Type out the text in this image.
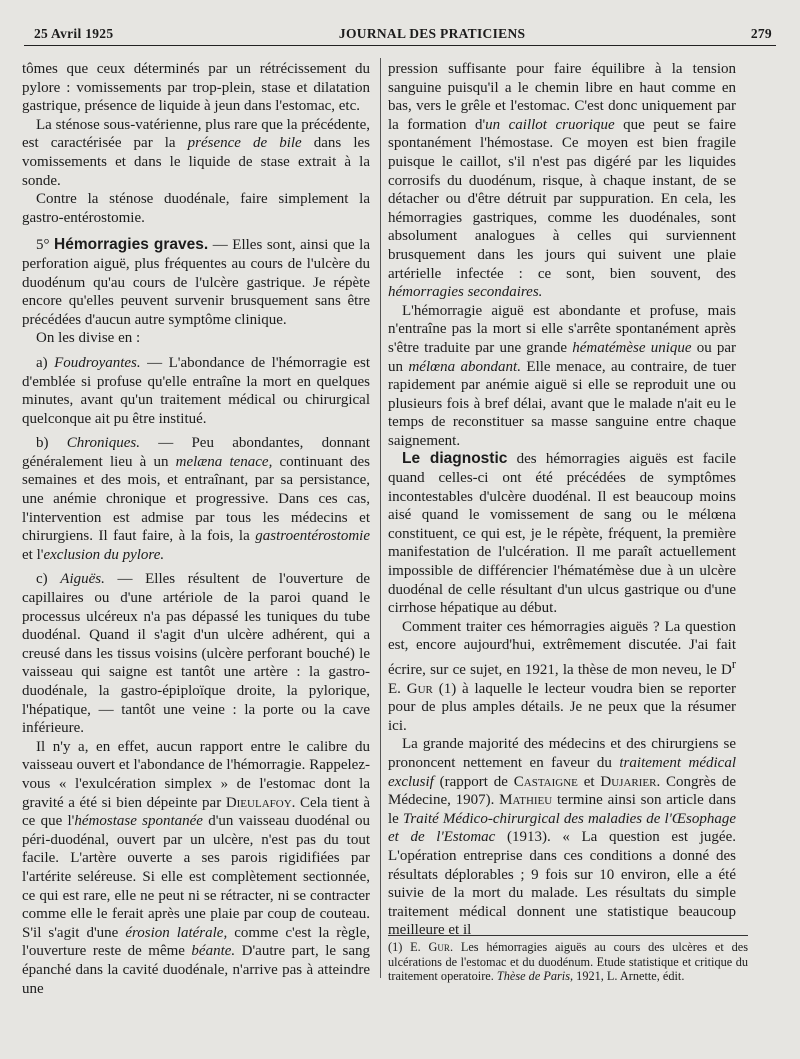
25 Avril 1925	JOURNAL DES PRATICIENS	279

tômes que ceux déterminés par un rétrécissement du pylore : vomissements par trop-plein, stase et dilatation gastrique, présence de liquide à jeun dans l'estomac, etc.

La sténose sous-vatérienne, plus rare que la précédente, est caractérisée par la présence de bile dans les vomissements et dans le liquide de stase extrait à la sonde.

Contre la sténose duodénale, faire simplement la gastro-entérostomie.

5° Hémorragies graves. — Elles sont, ainsi que la perforation aiguë, plus fréquentes au cours de l'ulcère du duodénum qu'au cours de l'ulcère gastrique. Je répète encore qu'elles peuvent survenir brusquement sans être précédées d'aucun autre symptôme clinique.

On les divise en :

a) Foudroyantes. — L'abondance de l'hémorragie est d'emblée si profuse qu'elle entraîne la mort en quelques minutes, avant qu'un traitement médical ou chirurgical quelconque ait pu être institué.

b) Chroniques. — Peu abondantes, donnant généralement lieu à un melæna tenace, continuant des semaines et des mois, et entraînant, par sa persistance, une anémie chronique et progressive. Dans ces cas, l'intervention est admise par tous les médecins et chirurgiens. Il faut faire, à la fois, la gastroentérostomie et l'exclusion du pylore.

c) Aiguës. — Elles résultent de l'ouverture de capillaires ou d'une artériole de la paroi quand le processus ulcéreux n'a pas dépassé les tuniques du tube duodénal. Quand il s'agit d'un ulcère adhérent, qui a creusé dans les tissus voisins (ulcère perforant bouché) le vaisseau qui saigne est tantôt une artère : la gastro-duodénale, la gastro-épiploïque droite, la pylorique, l'hépatique, — tantôt une veine : la porte ou la cave inférieure.

Il n'y a, en effet, aucun rapport entre le calibre du vaisseau ouvert et l'abondance de l'hémorragie. Rappelez-vous « l'exulcération simplex » de l'estomac dont la gravité a été si bien dépeinte par Dieulafoy. Cela tient à ce que l'hémostase spontanée d'un vaisseau duodénal ou péri-duodénal, ouvert par un ulcère, n'est pas du tout facile. L'artère ouverte a ses parois rigidifiées par l'artérite seléreuse. Si elle est complètement sectionnée, ce qui est rare, elle ne peut ni se rétracter, ni se contracter comme elle le ferait après une plaie par coup de couteau. S'il s'agit d'une érosion latérale, comme c'est la règle, l'ouverture reste de même béante. D'autre part, le sang épanché dans la cavité duodénale, n'arrive pas à atteindre une

pression suffisante pour faire équilibre à la tension sanguine puisqu'il a le chemin libre en haut comme en bas, vers le grêle et l'estomac. C'est donc uniquement par la formation d'un caillot cruorique que peut se faire spontanément l'hémostase. Ce moyen est bien fragile puisque le caillot, s'il n'est pas digéré par les liquides corrosifs du duodénum, risque, à chaque instant, de se détacher ou d'être détruit par suppuration. En cela, les hémorragies gastriques, comme les duodénales, sont absolument analogues à celles qui surviennent brusquement dans les jours qui suivent une plaie artérielle infectée : ce sont, bien souvent, des hémorragies secondaires.

L'hémorragie aiguë est abondante et profuse, mais n'entraîne pas la mort si elle s'arrête spontanément après s'être traduite par une grande hématémèse unique ou par un mélœna abondant. Elle menace, au contraire, de tuer rapidement par anémie aiguë si elle se reproduit une ou plusieurs fois à bref délai, avant que le malade n'ait eu le temps de reconstituer sa masse sanguine entre chaque saignement.

Le diagnostic des hémorragies aiguës est facile quand celles-ci ont été précédées de symptômes incontestables d'ulcère duodénal. Il est beaucoup moins aisé quand le vomissement de sang ou le mélœna constituent, ce qui est, je le répète, fréquent, la première manifestation de l'ulcération. Il me paraît actuellement impossible de différencier l'hématémèse due à un ulcère duodénal de celle résultant d'un ulcus gastrique ou d'une cirrhose hépatique au début.

Comment traiter ces hémorragies aiguës ? La question est, encore aujourd'hui, extrêmement discutée. J'ai fait écrire, sur ce sujet, en 1921, la thèse de mon neveu, le $D^r$ E. Gur (1) à laquelle le lecteur voudra bien se reporter pour de plus amples détails. Je ne peux que la résumer ici.

La grande majorité des médecins et des chirurgiens se prononcent nettement en faveur du traitement médical exclusif (rapport de Castaigne et Dujarier. Congrès de Médecine, 1907). Mathieu termine ainsi son article dans le Traité Médico-chirurgical des maladies de l'Œsophage et de l'Estomac (1913). « La question est jugée. L'opération entreprise dans ces conditions a donné des résultats déplorables ; 9 fois sur 10 environ, elle a été suivie de la mort du malade. Les résultats du simple traitement médical donnent une statistique beaucoup meilleure et il

(1) E. Gur. Les hémorragies aiguës au cours des ulcères et des ulcérations de l'estomac et du duodénum. Etude statistique et critique du traitement operatoire. Thèse de Paris, 1921, L. Arnette, édit.
